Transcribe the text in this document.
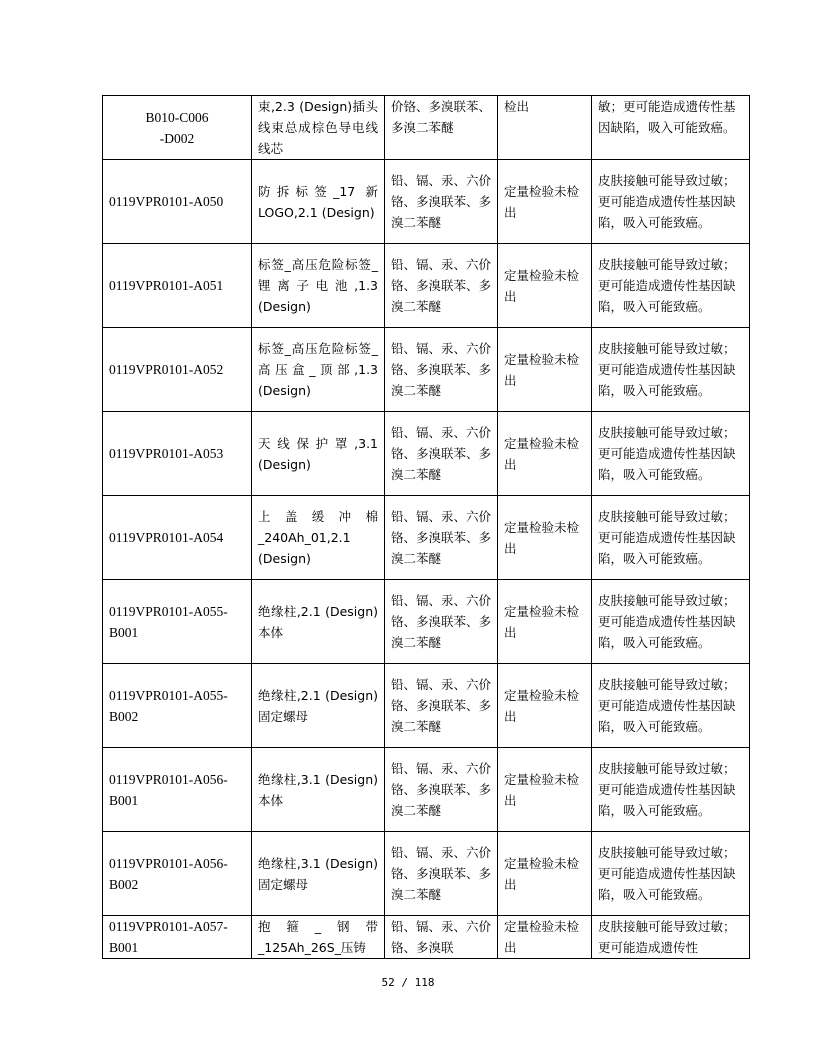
B010-C006
-D002	束,2.3 (Design)插头线束总成棕色导电线线芯	价铬、多溴联苯、多溴二苯醚	检出	敏；更可能造成遗传性基因缺陷，吸入可能致癌。
0119VPR0101-A050	防拆标签_17 新LOGO,2.1 (Design)	铅、镉、汞、六价铬、多溴联苯、多溴二苯醚	定量检验未检出	皮肤接触可能导致过敏；更可能造成遗传性基因缺陷，吸入可能致癌。
0119VPR0101-A051	标签_高压危险标签_锂离子电池,1.3 (Design)	铅、镉、汞、六价铬、多溴联苯、多溴二苯醚	定量检验未检出	皮肤接触可能导致过敏；更可能造成遗传性基因缺陷，吸入可能致癌。
0119VPR0101-A052	标签_高压危险标签_高压盒_顶部,1.3 (Design)	铅、镉、汞、六价铬、多溴联苯、多溴二苯醚	定量检验未检出	皮肤接触可能导致过敏；更可能造成遗传性基因缺陷，吸入可能致癌。
0119VPR0101-A053	天线保护罩,3.1 (Design)	铅、镉、汞、六价铬、多溴联苯、多溴二苯醚	定量检验未检出	皮肤接触可能导致过敏；更可能造成遗传性基因缺陷，吸入可能致癌。
0119VPR0101-A054	上盖缓冲棉_240Ah_01,2.1 (Design)	铅、镉、汞、六价铬、多溴联苯、多溴二苯醚	定量检验未检出	皮肤接触可能导致过敏；更可能造成遗传性基因缺陷，吸入可能致癌。
0119VPR0101-A055-B001	绝缘柱,2.1 (Design)本体	铅、镉、汞、六价铬、多溴联苯、多溴二苯醚	定量检验未检出	皮肤接触可能导致过敏；更可能造成遗传性基因缺陷，吸入可能致癌。
0119VPR0101-A055-B002	绝缘柱,2.1 (Design)固定螺母	铅、镉、汞、六价铬、多溴联苯、多溴二苯醚	定量检验未检出	皮肤接触可能导致过敏；更可能造成遗传性基因缺陷，吸入可能致癌。
0119VPR0101-A056-B001	绝缘柱,3.1 (Design)本体	铅、镉、汞、六价铬、多溴联苯、多溴二苯醚	定量检验未检出	皮肤接触可能导致过敏；更可能造成遗传性基因缺陷，吸入可能致癌。
0119VPR0101-A056-B002	绝缘柱,3.1 (Design)固定螺母	铅、镉、汞、六价铬、多溴联苯、多溴二苯醚	定量检验未检出	皮肤接触可能导致过敏；更可能造成遗传性基因缺陷，吸入可能致癌。
0119VPR0101-A057-B001	抱箍_钢带_125Ah_26S_压铸	铅、镉、汞、六价铬、多溴联	定量检验未检出	皮肤接触可能导致过敏；更可能造成遗传性
52 / 118
